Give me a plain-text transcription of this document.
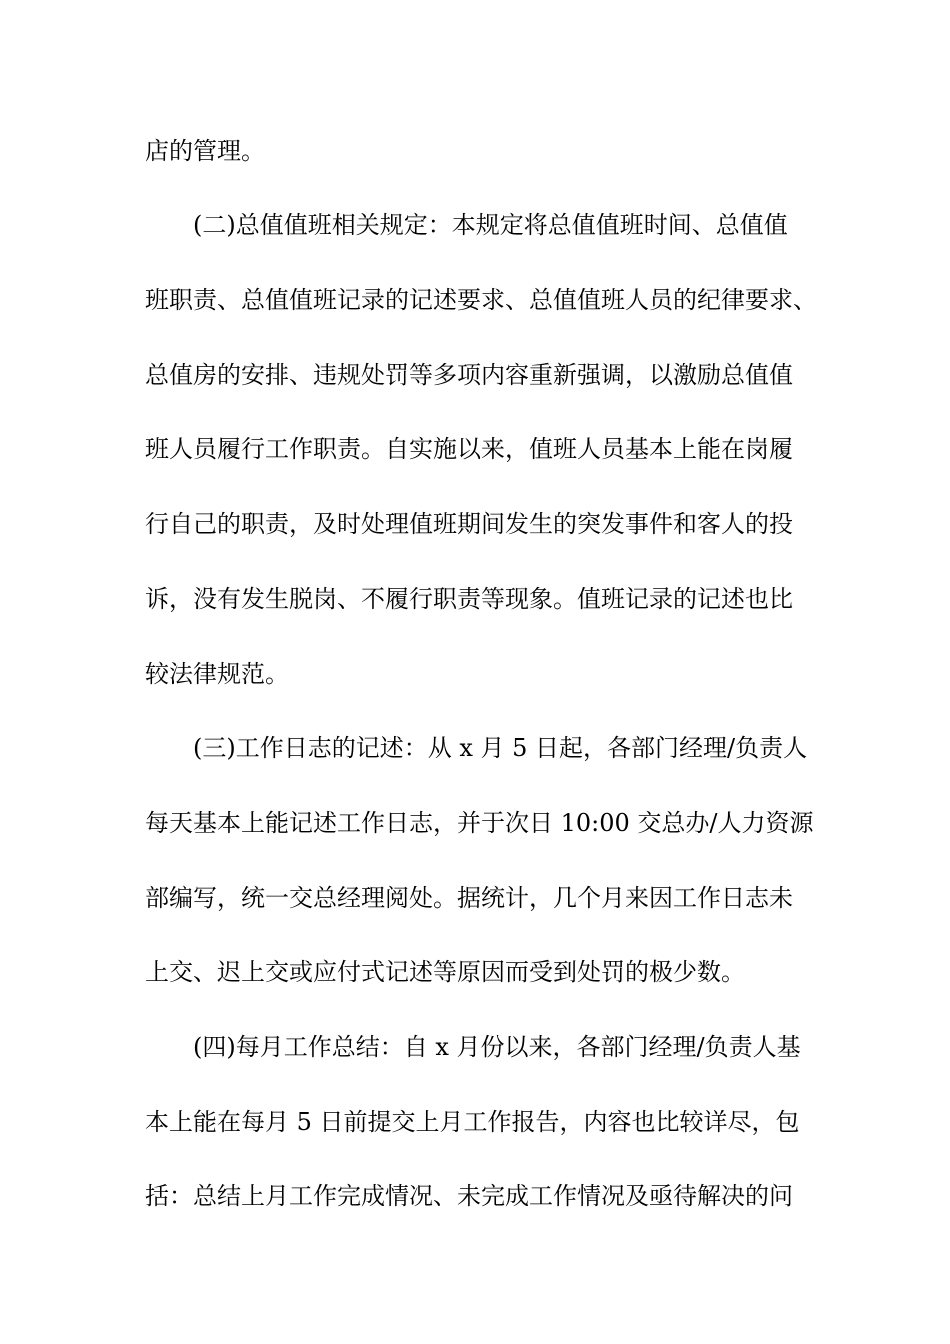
店的管理。
(二)总值值班相关规定：本规定将总值值班时间、总值值
班职责、总值值班记录的记述要求、总值值班人员的纪律要求、
总值房的安排、违规处罚等多项内容重新强调，以激励总值值
班人员履行工作职责。自实施以来，值班人员基本上能在岗履
行自己的职责，及时处理值班期间发生的突发事件和客人的投
诉，没有发生脱岗、不履行职责等现象。值班记录的记述也比
较法律规范。
(三)工作日志的记述：从 x 月 5 日起，各部门经理/负责人
每天基本上能记述工作日志，并于次日 10:00 交总办/人力资源
部编写，统一交总经理阅处。据统计，几个月来因工作日志未
上交、迟上交或应付式记述等原因而受到处罚的极少数。
(四)每月工作总结：自 x 月份以来，各部门经理/负责人基
本上能在每月 5 日前提交上月工作报告，内容也比较详尽，包
括：总结上月工作完成情况、未完成工作情况及亟待解决的问
